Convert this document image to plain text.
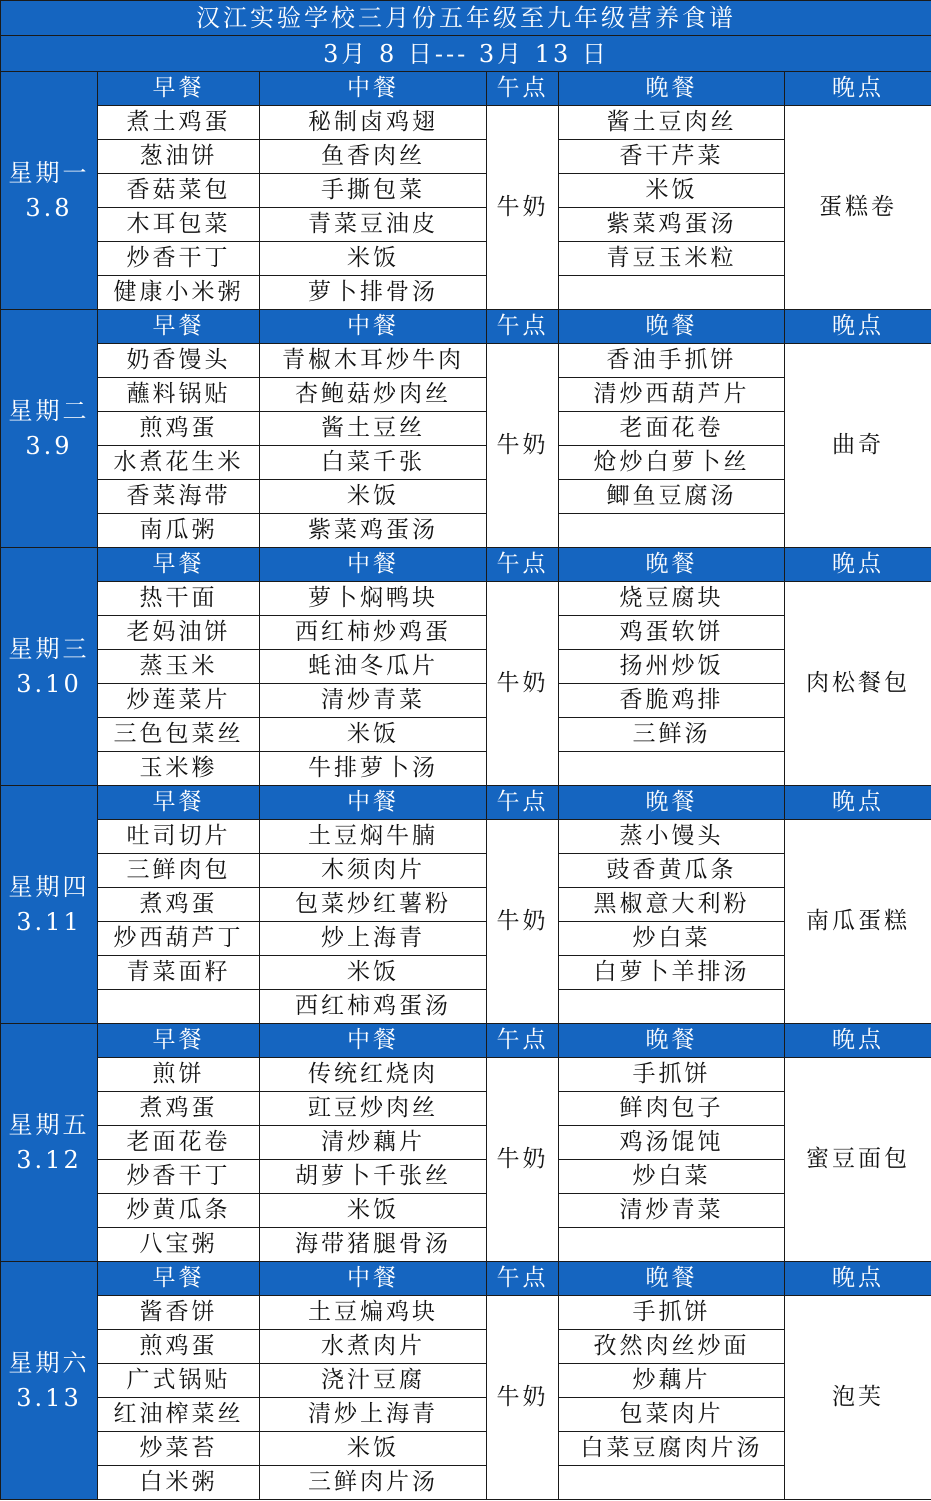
汉江实验学校三月份五年级至九年级营养食谱					
3月 8 日--- 3月 13 日					

星期一
3.8	早餐	中餐	午点	晚餐	晚点
	煮土鸡蛋	秘制卤鸡翅	牛奶	酱土豆肉丝	蛋糕卷
	葱油饼	鱼香肉丝		香干芹菜	
	香菇菜包	手撕包菜		米饭	
	木耳包菜	青菜豆油皮		紫菜鸡蛋汤	
	炒香干丁	米饭		青豆玉米粒	
	健康小米粥	萝卜排骨汤			

星期二
3.9	早餐	中餐	午点	晚餐	晚点
	奶香馒头	青椒木耳炒牛肉	牛奶	香油手抓饼	曲奇
	蘸料锅贴	杏鲍菇炒肉丝		清炒西葫芦片	
	煎鸡蛋	酱土豆丝		老面花卷	
	水煮花生米	白菜千张		炝炒白萝卜丝	
	香菜海带	米饭		鲫鱼豆腐汤	
	南瓜粥	紫菜鸡蛋汤			

星期三
3.10	早餐	中餐	午点	晚餐	晚点
	热干面	萝卜焖鸭块	牛奶	烧豆腐块	肉松餐包
	老妈油饼	西红柿炒鸡蛋		鸡蛋软饼	
	蒸玉米	蚝油冬瓜片		扬州炒饭	
	炒莲菜片	清炒青菜		香脆鸡排	
	三色包菜丝	米饭		三鲜汤	
	玉米糁	牛排萝卜汤			

星期四
3.11	早餐	中餐	午点	晚餐	晚点
	吐司切片	土豆焖牛腩	牛奶	蒸小馒头	南瓜蛋糕
	三鲜肉包	木须肉片		豉香黄瓜条	
	煮鸡蛋	包菜炒红薯粉		黑椒意大利粉	
	炒西葫芦丁	炒上海青		炒白菜	
	青菜面籽	米饭		白萝卜羊排汤	
		西红柿鸡蛋汤			

星期五
3.12	早餐	中餐	午点	晚餐	晚点
	煎饼	传统红烧肉	牛奶	手抓饼	蜜豆面包
	煮鸡蛋	豇豆炒肉丝		鲜肉包子	
	老面花卷	清炒藕片		鸡汤馄饨	
	炒香干丁	胡萝卜千张丝		炒白菜	
	炒黄瓜条	米饭		清炒青菜	
	八宝粥	海带猪腿骨汤			

星期六
3.13	早餐	中餐	午点	晚餐	晚点
	酱香饼	土豆煸鸡块	牛奶	手抓饼	泡芙
	煎鸡蛋	水煮肉片		孜然肉丝炒面	
	广式锅贴	浇汁豆腐		炒藕片	
	红油榨菜丝	清炒上海青		包菜肉片	
	炒菜苔	米饭		白菜豆腐肉片汤	
	白米粥	三鲜肉片汤			
